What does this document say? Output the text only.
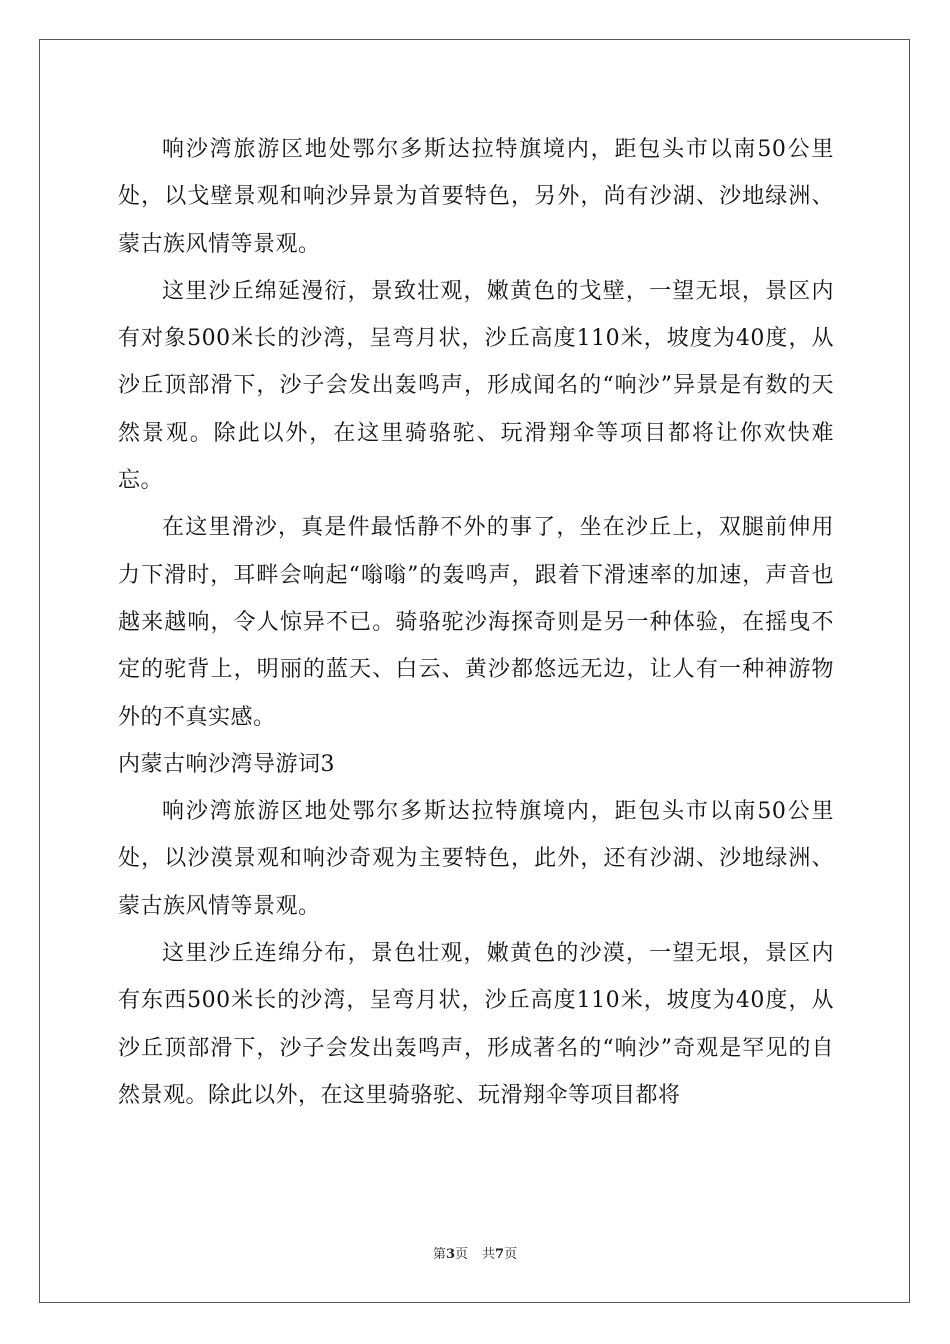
响沙湾旅游区地处鄂尔多斯达拉特旗境内，距包头市以南50公里处，以戈壁景观和响沙异景为首要特色，另外，尚有沙湖、沙地绿洲、蒙古族风情等景观。

这里沙丘绵延漫衍，景致壮观，嫩黄色的戈壁，一望无垠，景区内有对象500米长的沙湾，呈弯月状，沙丘高度110米，坡度为40度，从沙丘顶部滑下，沙子会发出轰鸣声，形成闻名的“响沙”异景是有数的天然景观。除此以外，在这里骑骆驼、玩滑翔伞等项目都将让你欢快难忘。

在这里滑沙，真是件最恬静不外的事了，坐在沙丘上，双腿前伸用力下滑时，耳畔会响起“嗡嗡”的轰鸣声，跟着下滑速率的加速，声音也越来越响，令人惊异不已。骑骆驼沙海探奇则是另一种体验，在摇曳不定的驼背上，明丽的蓝天、白云、黄沙都悠远无边，让人有一种神游物外的不真实感。

内蒙古响沙湾导游词3

响沙湾旅游区地处鄂尔多斯达拉特旗境内，距包头市以南50公里处，以沙漠景观和响沙奇观为主要特色，此外，还有沙湖、沙地绿洲、蒙古族风情等景观。

这里沙丘连绵分布，景色壮观，嫩黄色的沙漠，一望无垠，景区内有东西500米长的沙湾，呈弯月状，沙丘高度110米，坡度为40度，从沙丘顶部滑下，沙子会发出轰鸣声，形成著名的“响沙”奇观是罕见的自然景观。除此以外，在这里骑骆驼、玩滑翔伞等项目都将

第3页 共7页
